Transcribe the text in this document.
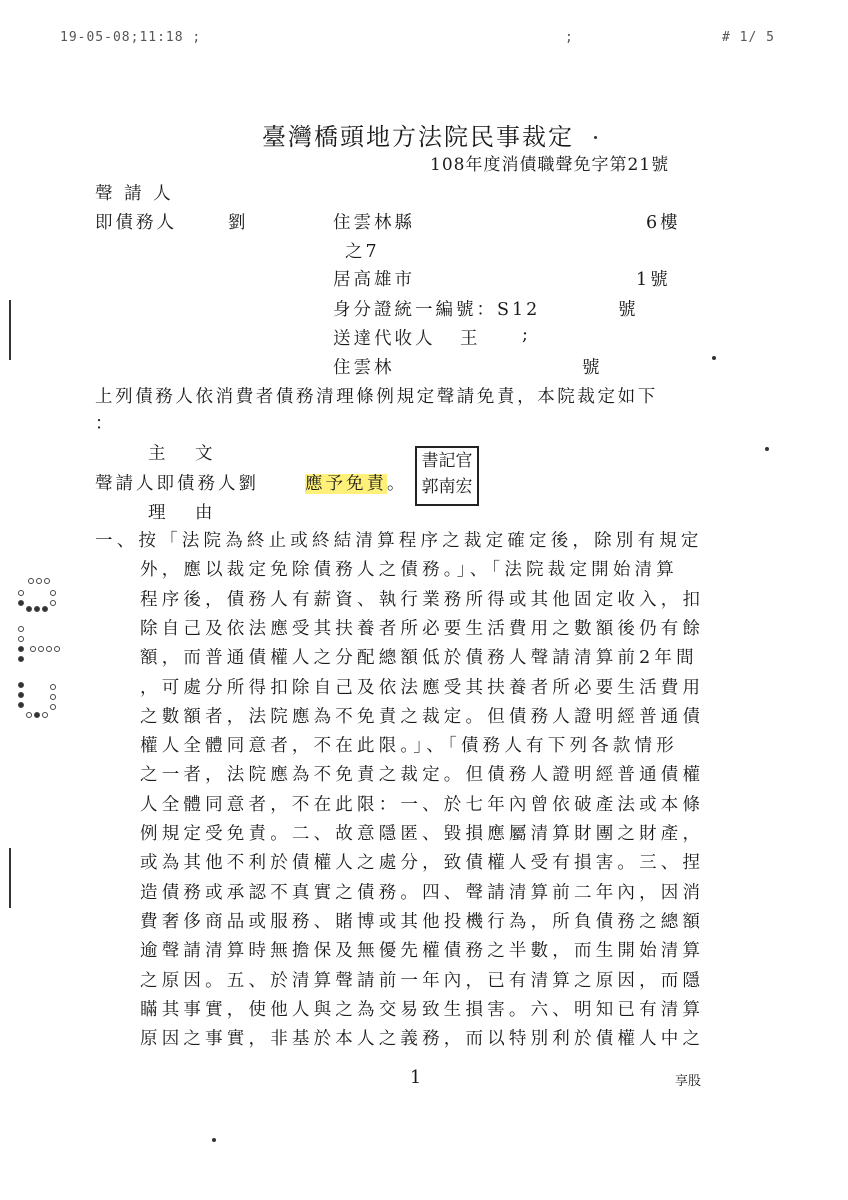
19-05-08;11:18 ;	;	# 1/ 5
臺灣橋頭地方法院民事裁定
108年度消債職聲免字第21號
聲 請 人
即債務人	劉	住雲林縣	6樓
之7
居高雄市	1號
身分證統一編號：S12	號
送達代收人 王 ;
住雲林	號
上列債務人依消費者債務清理條例規定聲請免責，本院裁定如下
：
主　文
聲請人即債務人劉	應予免責。
書記官
郭南宏
理　由
一、按「法院為終止或終結清算程序之裁定確定後，除別有規定
外，應以裁定免除債務人之債務。」、「法院裁定開始清算
程序後，債務人有薪資、執行業務所得或其他固定收入，扣
除自己及依法應受其扶養者所必要生活費用之數額後仍有餘
額，而普通債權人之分配總額低於債務人聲請清算前2年間
，可處分所得扣除自己及依法應受其扶養者所必要生活費用
之數額者，法院應為不免責之裁定。但債務人證明經普通債
權人全體同意者，不在此限。」、「債務人有下列各款情形
之一者，法院應為不免責之裁定。但債務人證明經普通債權
人全體同意者，不在此限：一、於七年內曾依破產法或本條
例規定受免責。二、故意隱匿、毀損應屬清算財團之財產，
或為其他不利於債權人之處分，致債權人受有損害。三、捏
造債務或承認不真實之債務。四、聲請清算前二年內，因消
費奢侈商品或服務、賭博或其他投機行為，所負債務之總額
逾聲請清算時無擔保及無優先權債務之半數，而生開始清算
之原因。五、於清算聲請前一年內，已有清算之原因，而隱
瞞其事實，使他人與之為交易致生損害。六、明知已有清算
原因之事實，非基於本人之義務，而以特別利於債權人中之
1	享股
